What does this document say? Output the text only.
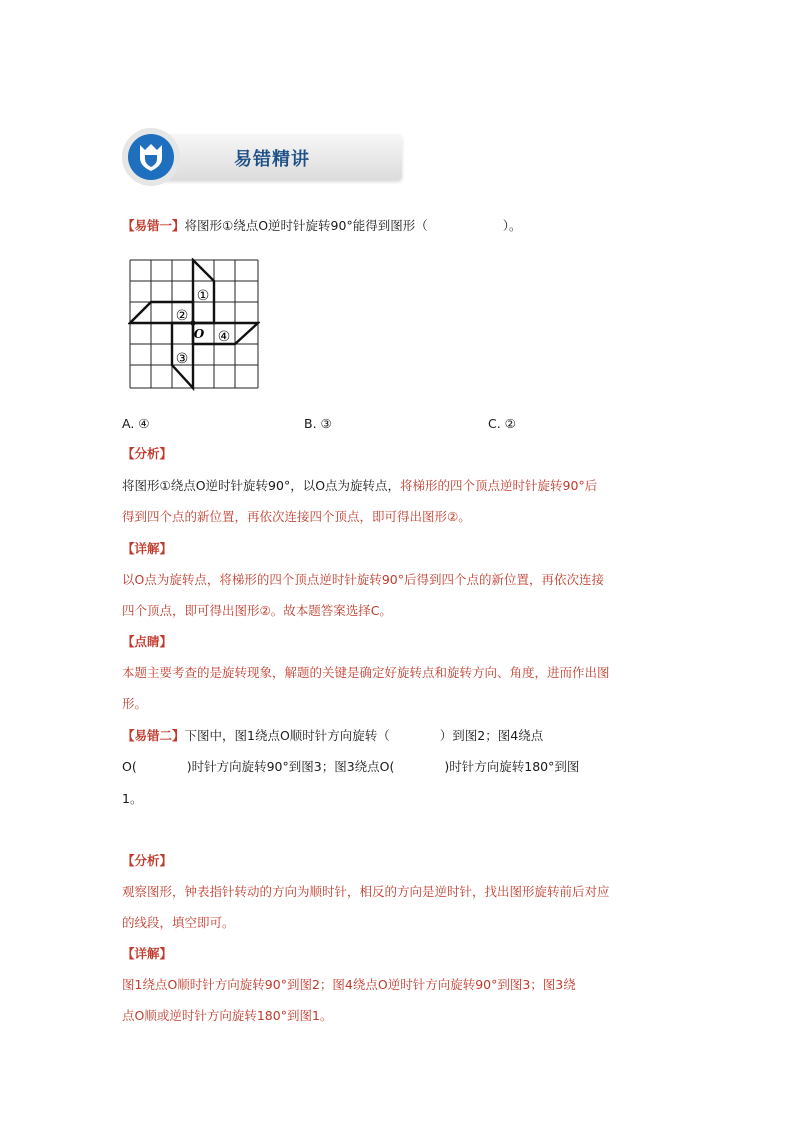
易错精讲
【易错一】将图形①绕点O逆时针旋转90°能得到图形（　　　　　　）。
①
②
③
④
O
A. ④	B. ③	C. ②
【分析】
将图形①绕点O逆时针旋转90°，以O点为旋转点，将梯形的四个顶点逆时针旋转90°后
得到四个点的新位置，再依次连接四个顶点，即可得出图形②。
【详解】
以O点为旋转点，将梯形的四个顶点逆时针旋转90°后得到四个点的新位置，再依次连接
四个顶点，即可得出图形②。故本题答案选择C。
【点睛】
本题主要考查的是旋转现象，解题的关键是确定好旋转点和旋转方向、角度，进而作出图
形。
【易错二】下图中，图1绕点O顺时针方向旋转（　　　　）到图2；图4绕点
O(　　　　)时针方向旋转90°到图3；图3绕点O(　　　　)时针方向旋转180°到图
1。
【分析】
观察图形，钟表指针转动的方向为顺时针，相反的方向是逆时针，找出图形旋转前后对应
的线段，填空即可。
【详解】
图1绕点O顺时针方向旋转90°到图2；图4绕点O逆时针方向旋转90°到图3；图3绕
点O顺或逆时针方向旋转180°到图1。
